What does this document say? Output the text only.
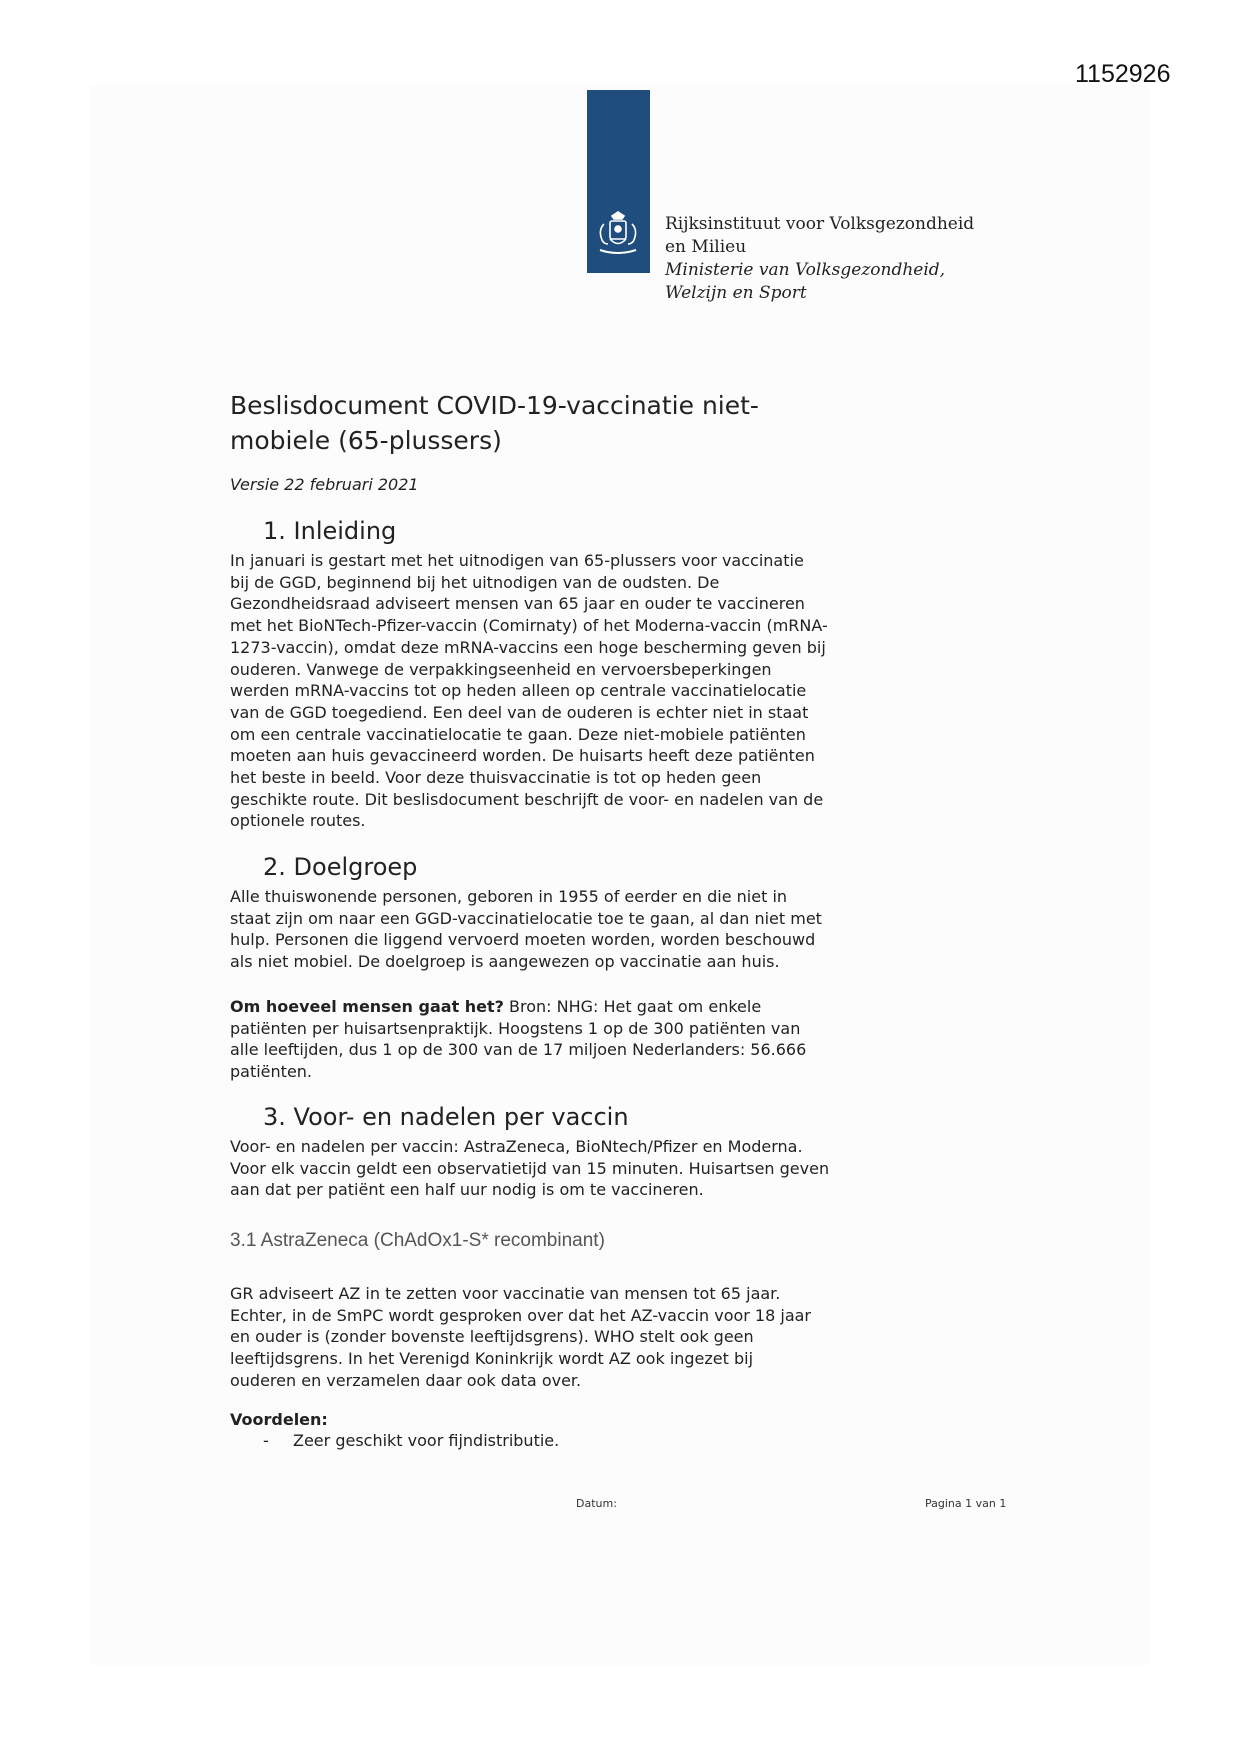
1152926
Rijksinstituut voor Volksgezondheid
en Milieu
Ministerie van Volksgezondheid,
Welzijn en Sport
Beslisdocument COVID-19-vaccinatie niet-
mobiele (65-plussers)
Versie 22 februari 2021
1. Inleiding
In januari is gestart met het uitnodigen van 65-plussers voor vaccinatie
bij de GGD, beginnend bij het uitnodigen van de oudsten. De
Gezondheidsraad adviseert mensen van 65 jaar en ouder te vaccineren
met het BioNTech-Pfizer-vaccin (Comirnaty) of het Moderna-vaccin (mRNA-
1273-vaccin), omdat deze mRNA-vaccins een hoge bescherming geven bij
ouderen. Vanwege de verpakkingseenheid en vervoersbeperkingen
werden mRNA-vaccins tot op heden alleen op centrale vaccinatielocatie
van de GGD toegediend. Een deel van de ouderen is echter niet in staat
om een centrale vaccinatielocatie te gaan. Deze niet-mobiele patiënten
moeten aan huis gevaccineerd worden. De huisarts heeft deze patiënten
het beste in beeld. Voor deze thuisvaccinatie is tot op heden geen
geschikte route. Dit beslisdocument beschrijft de voor- en nadelen van de
optionele routes.
2. Doelgroep
Alle thuiswonende personen, geboren in 1955 of eerder en die niet in
staat zijn om naar een GGD-vaccinatielocatie toe te gaan, al dan niet met
hulp. Personen die liggend vervoerd moeten worden, worden beschouwd
als niet mobiel. De doelgroep is aangewezen op vaccinatie aan huis.
Om hoeveel mensen gaat het? Bron: NHG: Het gaat om enkele
patiënten per huisartsenpraktijk. Hoogstens 1 op de 300 patiënten van
alle leeftijden, dus 1 op de 300 van de 17 miljoen Nederlanders: 56.666
patiënten.
3. Voor- en nadelen per vaccin
Voor- en nadelen per vaccin: AstraZeneca, BioNtech/Pfizer en Moderna.
Voor elk vaccin geldt een observatietijd van 15 minuten. Huisartsen geven
aan dat per patiënt een half uur nodig is om te vaccineren.
3.1 AstraZeneca (ChAdOx1-S* recombinant)
GR adviseert AZ in te zetten voor vaccinatie van mensen tot 65 jaar.
Echter, in de SmPC wordt gesproken over dat het AZ-vaccin voor 18 jaar
en ouder is (zonder bovenste leeftijdsgrens). WHO stelt ook geen
leeftijdsgrens. In het Verenigd Koninkrijk wordt AZ ook ingezet bij
ouderen en verzamelen daar ook data over.
Voordelen:
- Zeer geschikt voor fijndistributie.
Datum:	Pagina 1 van 1
